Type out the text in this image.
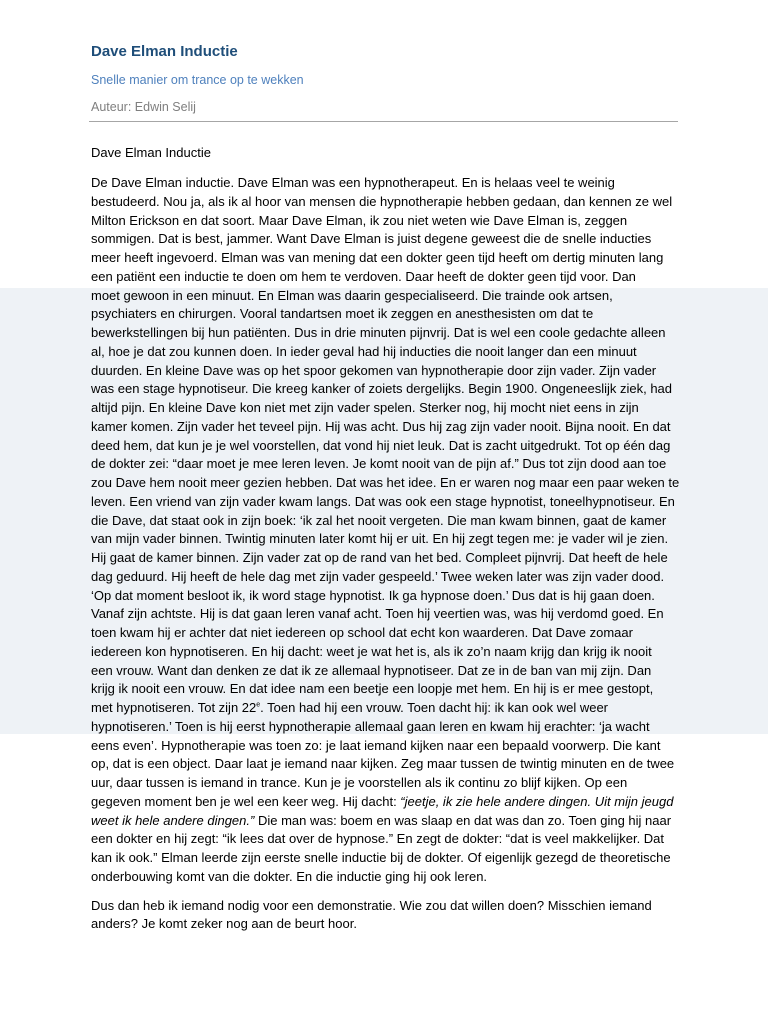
Dave Elman Inductie
Snelle manier om trance op te wekken
Auteur: Edwin Selij
Dave Elman Inductie
De Dave Elman inductie. Dave Elman was een hypnotherapeut. En is helaas veel te weinig
bestudeerd. Nou ja, als ik al hoor van mensen die hypnotherapie hebben gedaan, dan kennen ze wel
Milton Erickson en dat soort. Maar Dave Elman, ik zou niet weten wie Dave Elman is, zeggen
sommigen. Dat is best, jammer. Want Dave Elman is juist degene geweest die de snelle inducties
meer heeft ingevoerd. Elman was van mening dat een dokter geen tijd heeft om dertig minuten lang
een patiënt een inductie te doen om hem te verdoven. Daar heeft de dokter geen tijd voor. Dan
moet gewoon in een minuut. En Elman was daarin gespecialiseerd. Die trainde ook artsen,
psychiaters en chirurgen. Vooral tandartsen moet ik zeggen en anesthesisten om dat te
bewerkstellingen bij hun patiënten. Dus in drie minuten pijnvrij. Dat is wel een coole gedachte alleen
al, hoe je dat zou kunnen doen. In ieder geval had hij inducties die nooit langer dan een minuut
duurden. En kleine Dave was op het spoor gekomen van hypnotherapie door zijn vader. Zijn vader
was een stage hypnotiseur. Die kreeg kanker of zoiets dergelijks. Begin 1900. Ongeneeslijk ziek, had
altijd pijn. En kleine Dave kon niet met zijn vader spelen. Sterker nog, hij mocht niet eens in zijn
kamer komen. Zijn vader het teveel pijn. Hij was acht. Dus hij zag zijn vader nooit. Bijna nooit. En dat
deed hem, dat kun je je wel voorstellen, dat vond hij niet leuk. Dat is zacht uitgedrukt. Tot op één dag
de dokter zei: “daar moet je mee leren leven. Je komt nooit van de pijn af.” Dus tot zijn dood aan toe
zou Dave hem nooit meer gezien hebben. Dat was het idee. En er waren nog maar een paar weken te
leven. Een vriend van zijn vader kwam langs. Dat was ook een stage hypnotist, toneelhypnotiseur. En
die Dave, dat staat ook in zijn boek: ‘ik zal het nooit vergeten. Die man kwam binnen, gaat de kamer
van mijn vader binnen. Twintig minuten later komt hij er uit. En hij zegt tegen me: je vader wil je zien.
Hij gaat de kamer binnen. Zijn vader zat op de rand van het bed. Compleet pijnvrij. Dat heeft de hele
dag geduurd. Hij heeft de hele dag met zijn vader gespeeld.’ Twee weken later was zijn vader dood.
‘Op dat moment besloot ik, ik word stage hypnotist. Ik ga hypnose doen.’ Dus dat is hij gaan doen.
Vanaf zijn achtste. Hij is dat gaan leren vanaf acht. Toen hij veertien was, was hij verdomd goed. En
toen kwam hij er achter dat niet iedereen op school dat echt kon waarderen. Dat Dave zomaar
iedereen kon hypnotiseren. En hij dacht: weet je wat het is, als ik zo’n naam krijg dan krijg ik nooit
een vrouw. Want dan denken ze dat ik ze allemaal hypnotiseer. Dat ze in de ban van mij zijn. Dan
krijg ik nooit een vrouw. En dat idee nam een beetje een loopje met hem. En hij is er mee gestopt,
met hypnotiseren. Tot zijn 22e. Toen had hij een vrouw. Toen dacht hij: ik kan ook wel weer
hypnotiseren.’ Toen is hij eerst hypnotherapie allemaal gaan leren en kwam hij erachter: ‘ja wacht
eens even’. Hypnotherapie was toen zo: je laat iemand kijken naar een bepaald voorwerp. Die kant
op, dat is een object. Daar laat je iemand naar kijken. Zeg maar tussen de twintig minuten en de twee
uur, daar tussen is iemand in trance. Kun je je voorstellen als ik continu zo blijf kijken. Op een
gegeven moment ben je wel een keer weg. Hij dacht: “jeetje, ik zie hele andere dingen. Uit mijn jeugd
weet ik hele andere dingen.” Die man was: boem en was slaap en dat was dan zo. Toen ging hij naar
een dokter en hij zegt: “ik lees dat over de hypnose.” En zegt de dokter: “dat is veel makkelijker. Dat
kan ik ook.” Elman leerde zijn eerste snelle inductie bij de dokter. Of eigenlijk gezegd de theoretische
onderbouwing komt van die dokter. En die inductie ging hij ook leren.
Dus dan heb ik iemand nodig voor een demonstratie. Wie zou dat willen doen? Misschien iemand
anders? Je komt zeker nog aan de beurt hoor.
